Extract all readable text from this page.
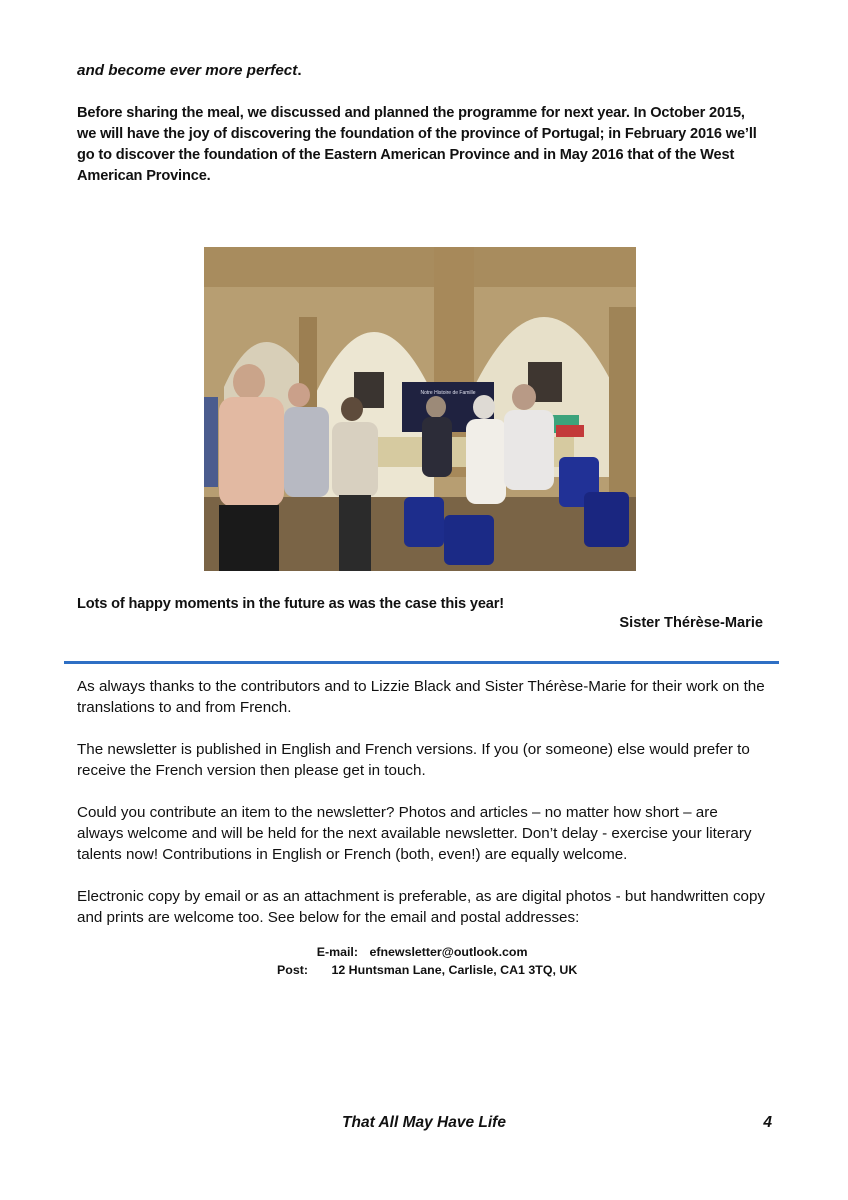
and become ever more perfect.

Before sharing the meal, we discussed and planned the programme for next year. In October 2015, we will have the joy of discovering the foundation of the province of Portugal; in February 2016 we’ll go to discover the foundation of the Eastern American Province and in May 2016 that of the West American Province.

Notre Histoire de Famille

Lots of happy moments in the future as was the case this year!

Sister Thérèse-Marie

As always thanks to the contributors and to Lizzie Black and Sister Thérèse-Marie for their work on the translations to and from French.

The newsletter is published in English and French versions. If you (or someone) else would prefer to receive the French version then please get in touch.

Could you contribute an item to the newsletter? Photos and articles – no matter how short – are always welcome and will be held for the next available newsletter. Don’t delay - exercise your literary talents now! Contributions in English or French (both, even!) are equally welcome.

Electronic copy by email or as an attachment is preferable, as are digital photos - but handwritten copy and prints are welcome too. See below for the email and postal addresses:

E-mail: efnewsletter@outlook.com
Post: 12 Huntsman Lane, Carlisle, CA1 3TQ, UK

That All May Have Life	4
